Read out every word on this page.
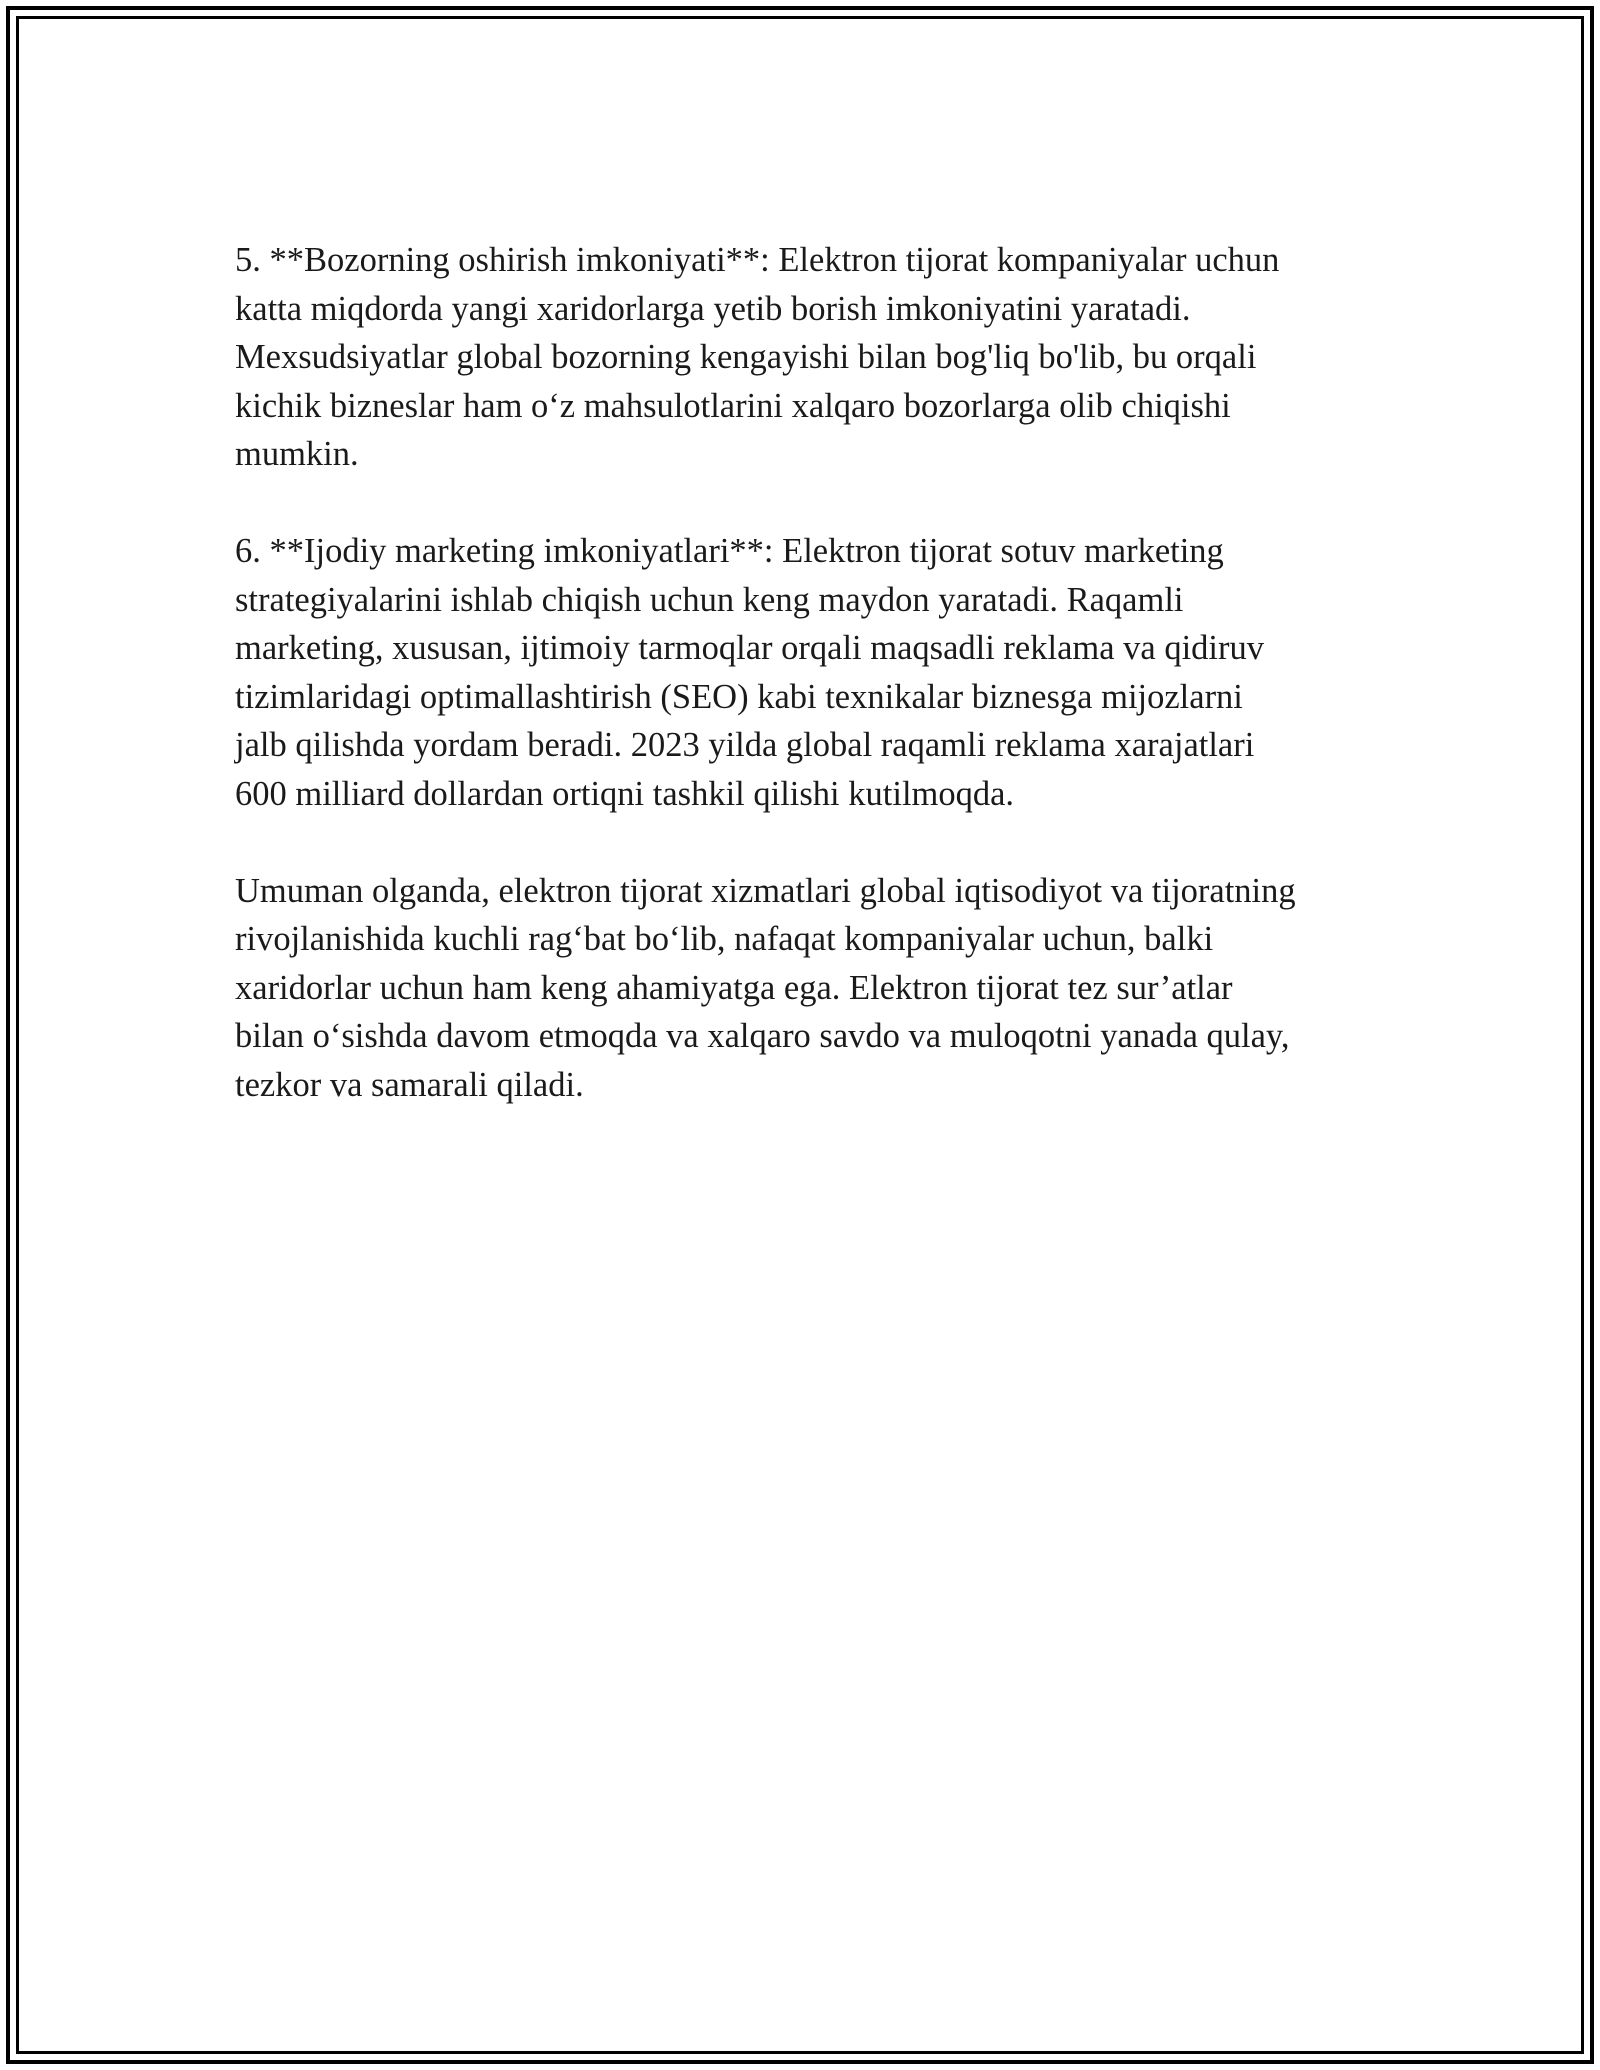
5. **Bozorning oshirish imkoniyati**: Elektron tijorat kompaniyalar uchun
katta miqdorda yangi xaridorlarga yetib borish imkoniyatini yaratadi.
Mexsudsiyatlar global bozorning kengayishi bilan bog'liq bo'lib, bu orqali
kichik bizneslar ham o‘z mahsulotlarini xalqaro bozorlarga olib chiqishi
mumkin.
6. **Ijodiy marketing imkoniyatlari**: Elektron tijorat sotuv marketing
strategiyalarini ishlab chiqish uchun keng maydon yaratadi. Raqamli
marketing, xususan, ijtimoiy tarmoqlar orqali maqsadli reklama va qidiruv
tizimlaridagi optimallashtirish (SEO) kabi texnikalar biznesga mijozlarni
jalb qilishda yordam beradi. 2023 yilda global raqamli reklama xarajatlari
600 milliard dollardan ortiqni tashkil qilishi kutilmoqda.
Umuman olganda, elektron tijorat xizmatlari global iqtisodiyot va tijoratning
rivojlanishida kuchli rag‘bat bo‘lib, nafaqat kompaniyalar uchun, balki
xaridorlar uchun ham keng ahamiyatga ega. Elektron tijorat tez sur’atlar
bilan o‘sishda davom etmoqda va xalqaro savdo va muloqotni yanada qulay,
tezkor va samarali qiladi.
